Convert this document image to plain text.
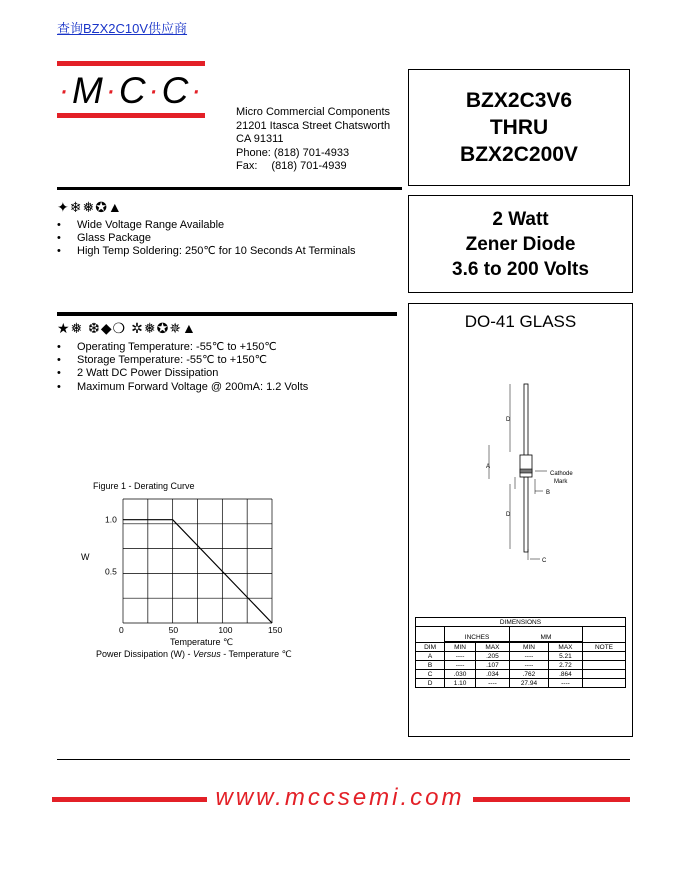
查询BZX2C10V供应商
·M·C·C·
Micro Commercial Components
21201 Itasca Street Chatsworth
CA 91311
Phone: (818) 701-4933
Fax: (818) 701-4939
BZX2C3V6
THRU
BZX2C200V
2 Watt
Zener Diode
3.6 to 200 Volts
✦❄❅✪▲
• Wide Voltage Range Available
• Glass Package
• High Temp Soldering: 250℃ for 10 Seconds At Terminals
★❅ ❆◆❍ ✲❅✪✵▲
• Operating Temperature: -55℃ to +150℃
• Storage Temperature: -55℃ to +150℃
• 2 Watt DC Power Dissipation
• Maximum Forward Voltage @ 200mA: 1.2 Volts
Figure 1 - Derating Curve
W
0	50	100	150
1.0
0.5
Temperature ℃
Power Dissipation (W) - Versus - Temperature ℃
DO-41 GLASS
D
A
D
Cathode Mark
B
C
DIMENSIONS					
	INCHES		MM		

DIM	MIN	MAX	MIN	MAX	NOTE
A	----	.205	----	5.21	
B	----	.107	----	2.72	
C	.030	.034	.762	.864	
D	1.10	----	27.94	----	
www.mccsemi.com
